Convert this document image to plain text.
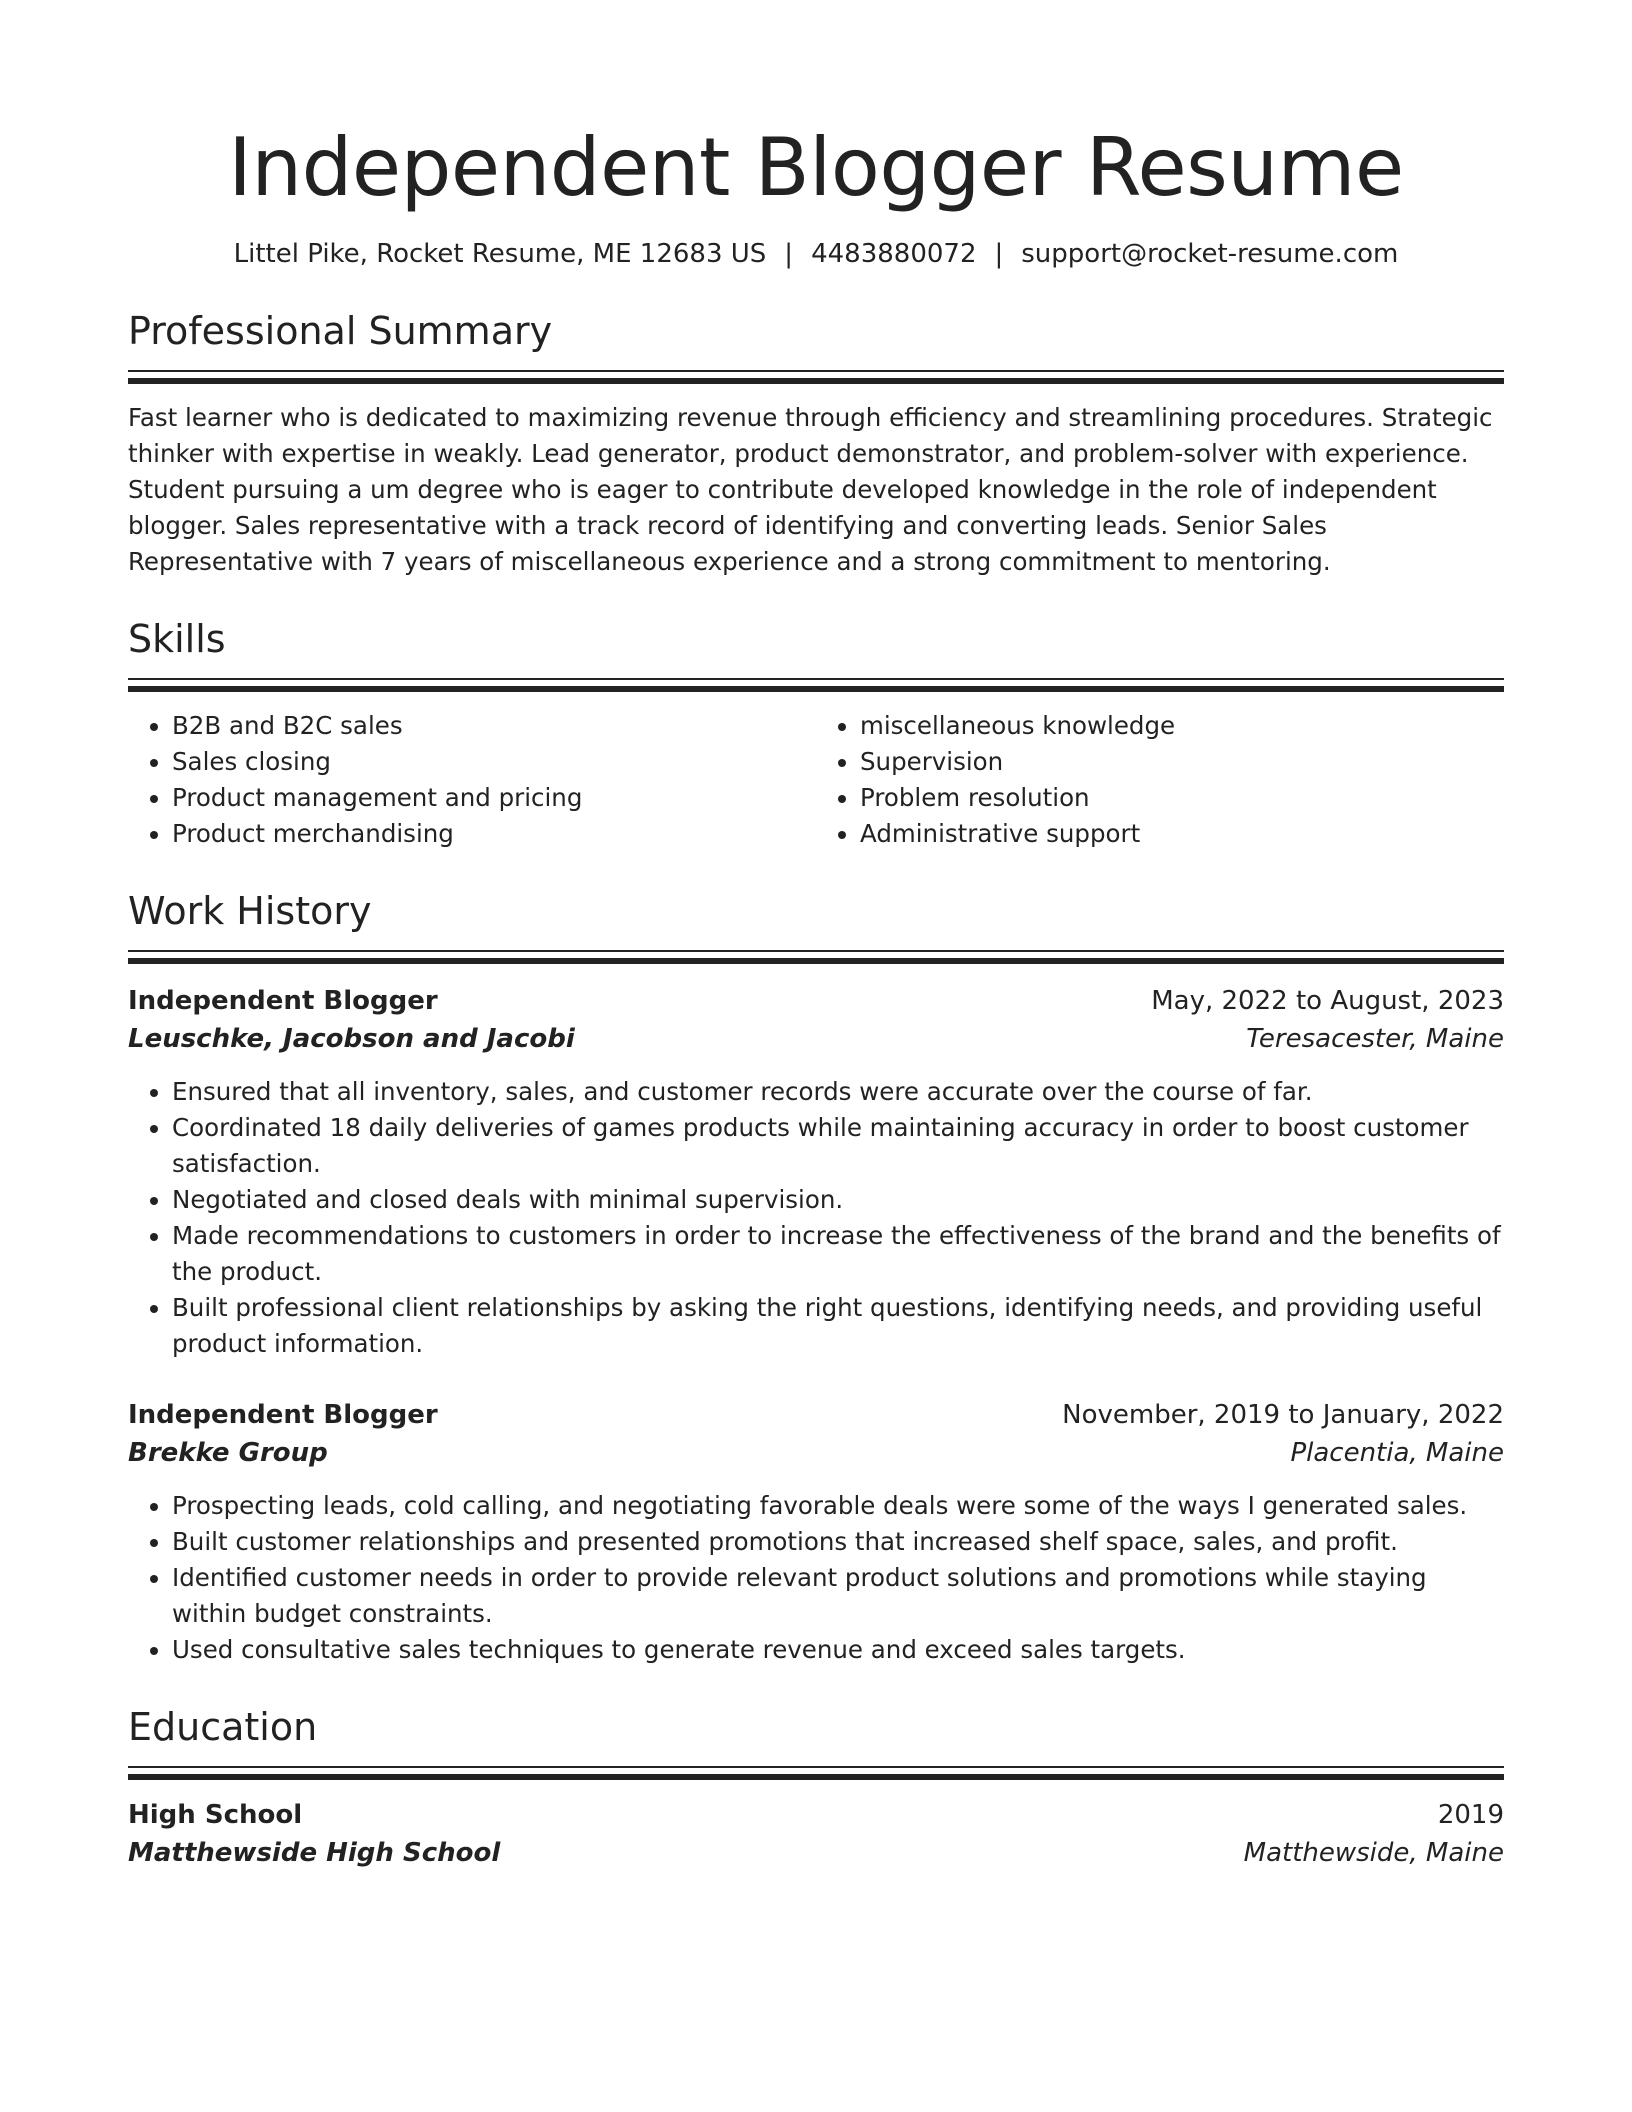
Independent Blogger Resume
Littel Pike, Rocket Resume, ME 12683 US | 4483880072 | support@rocket-resume.com
Professional Summary

Fast learner who is dedicated to maximizing revenue through efficiency and streamlining procedures. Strategic thinker with expertise in weakly. Lead generator, product demonstrator, and problem-solver with experience. Student pursuing a um degree who is eager to contribute developed knowledge in the role of independent blogger. Sales representative with a track record of identifying and converting leads. Senior Sales Representative with 7 years of miscellaneous experience and a strong commitment to mentoring.

Skills
• B2B and B2C sales
• Sales closing
• Product management and pricing
• Product merchandising
• miscellaneous knowledge
• Supervision
• Problem resolution
• Administrative support
Work History
Independent Blogger	May, 2022 to August, 2023
Leuschke, Jacobson and Jacobi	Teresacester, Maine
• Ensured that all inventory, sales, and customer records were accurate over the course of far.
• Coordinated 18 daily deliveries of games products while maintaining accuracy in order to boost customer satisfaction.
• Negotiated and closed deals with minimal supervision.
• Made recommendations to customers in order to increase the effectiveness of the brand and the benefits of the product.
• Built professional client relationships by asking the right questions, identifying needs, and providing useful product information.
Independent Blogger	November, 2019 to January, 2022
Brekke Group	Placentia, Maine
• Prospecting leads, cold calling, and negotiating favorable deals were some of the ways I generated sales.
• Built customer relationships and presented promotions that increased shelf space, sales, and profit.
• Identified customer needs in order to provide relevant product solutions and promotions while staying within budget constraints.
• Used consultative sales techniques to generate revenue and exceed sales targets.
Education
High School	2019
Matthewside High School	Matthewside, Maine
